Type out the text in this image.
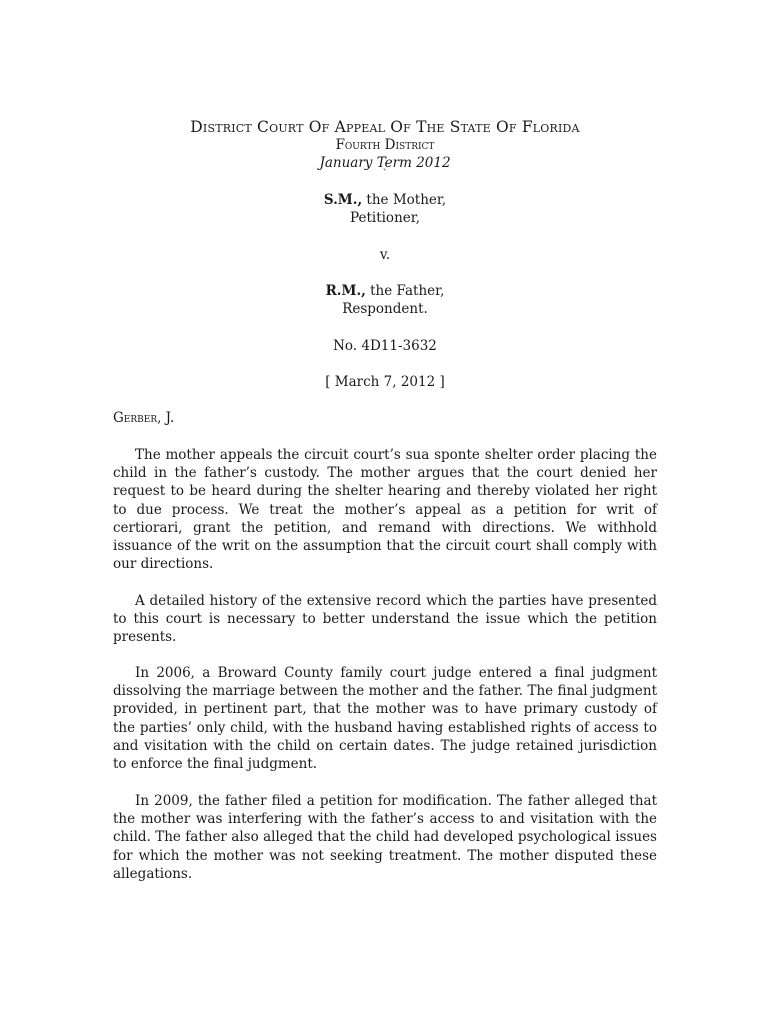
District Court Of Appeal Of The State Of Florida
Fourth District
January Term 2012
`
S.M., the Mother,
Petitioner,
v.
R.M., the Father,
Respondent.
No. 4D11-3632
[ March 7, 2012 ]
Gerber, J.

The mother appeals the circuit court’s sua sponte shelter order placing the child in the father’s custody. The mother argues that the court denied her request to be heard during the shelter hearing and thereby violated her right to due process. We treat the mother’s appeal as a petition for writ of certiorari, grant the petition, and remand with directions. We withhold issuance of the writ on the assumption that the circuit court shall comply with our directions.

A detailed history of the extensive record which the parties have presented to this court is necessary to better understand the issue which the petition presents.

In 2006, a Broward County family court judge entered a final judgment dissolving the marriage between the mother and the father. The final judgment provided, in pertinent part, that the mother was to have primary custody of the parties’ only child, with the husband having established rights of access to and visitation with the child on certain dates. The judge retained jurisdiction to enforce the final judgment.

In 2009, the father filed a petition for modification. The father alleged that the mother was interfering with the father’s access to and visitation with the child. The father also alleged that the child had developed psychological issues for which the mother was not seeking treatment. The mother disputed these allegations.
